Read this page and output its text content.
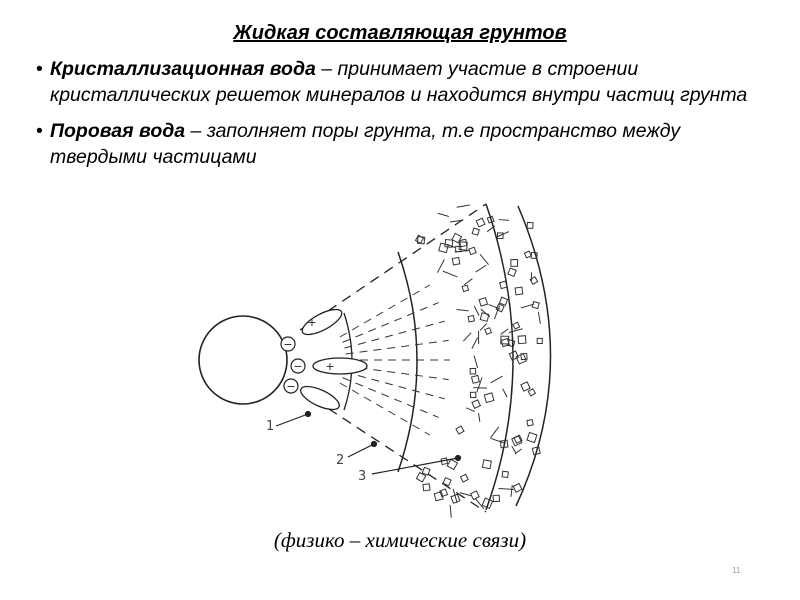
Жидкая составляющая грунтов
• Кристаллизационная вода – принимает участие в строении кристаллических решеток минералов и находится внутри частиц грунта
• Поровая вода – заполняет поры грунта, т.е пространство между твердыми частицами
−
−
−
+
+
1
2
3
(физико – химические связи)
11
